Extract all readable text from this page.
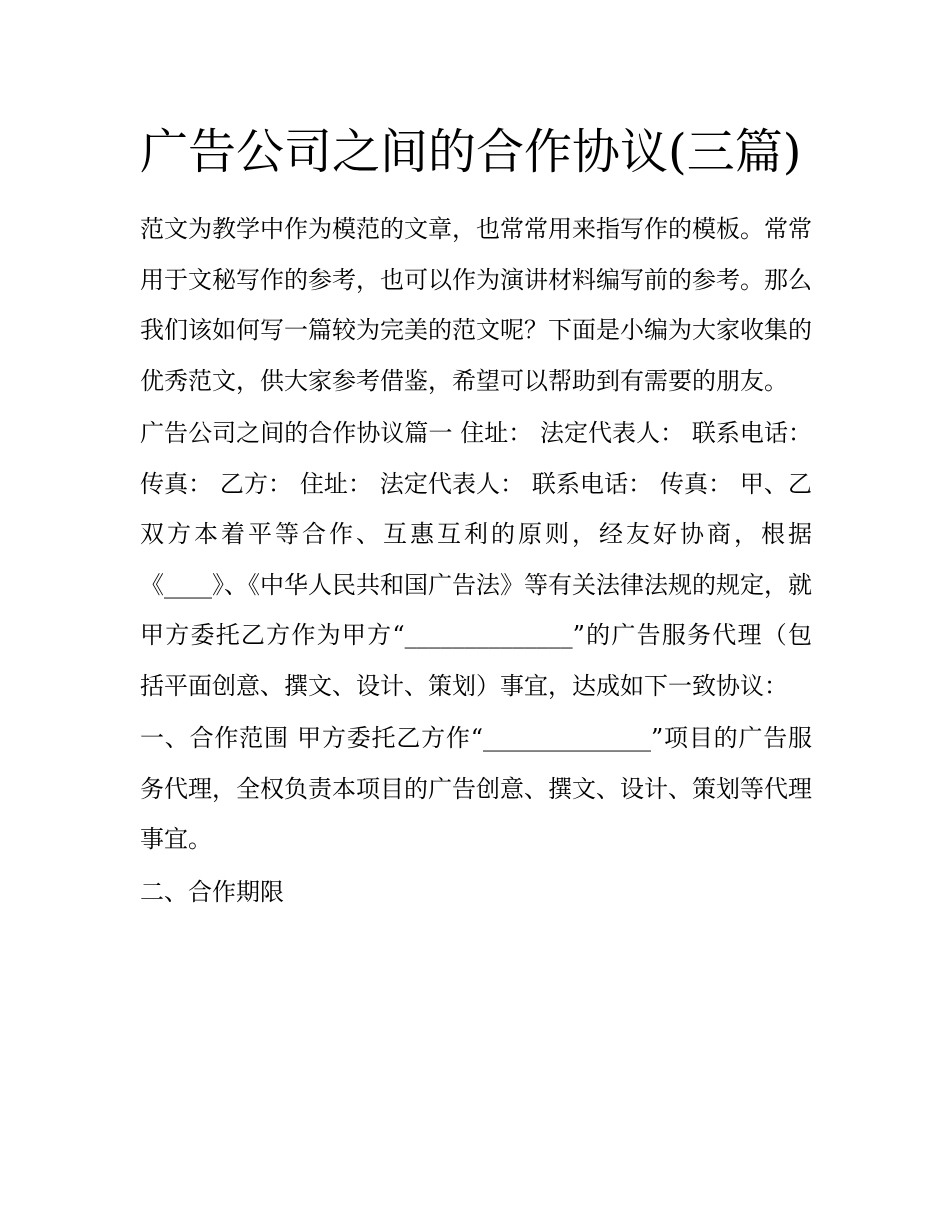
广告公司之间的合作协议(三篇)

范文为教学中作为模范的文章，也常常用来指写作的模板。常常用于文秘写作的参考，也可以作为演讲材料编写前的参考。那么我们该如何写一篇较为完美的范文呢？下面是小编为大家收集的优秀范文，供大家参考借鉴，希望可以帮助到有需要的朋友。

广告公司之间的合作协议篇一 住址： 法定代表人： 联系电话： 传真： 乙方： 住址： 法定代表人： 联系电话： 传真： 甲、乙双方本着平等合作、互惠互利的原则，经友好协商，根据《____》、《中华人民共和国广告法》等有关法律法规的规定，就甲方委托乙方作为甲方“______________”的广告服务代理（包括平面创意、撰文、设计、策划）事宜，达成如下一致协议：

一、合作范围 甲方委托乙方作“______________”项目的广告服务代理，全权负责本项目的广告创意、撰文、设计、策划等代理事宜。

二、合作期限
